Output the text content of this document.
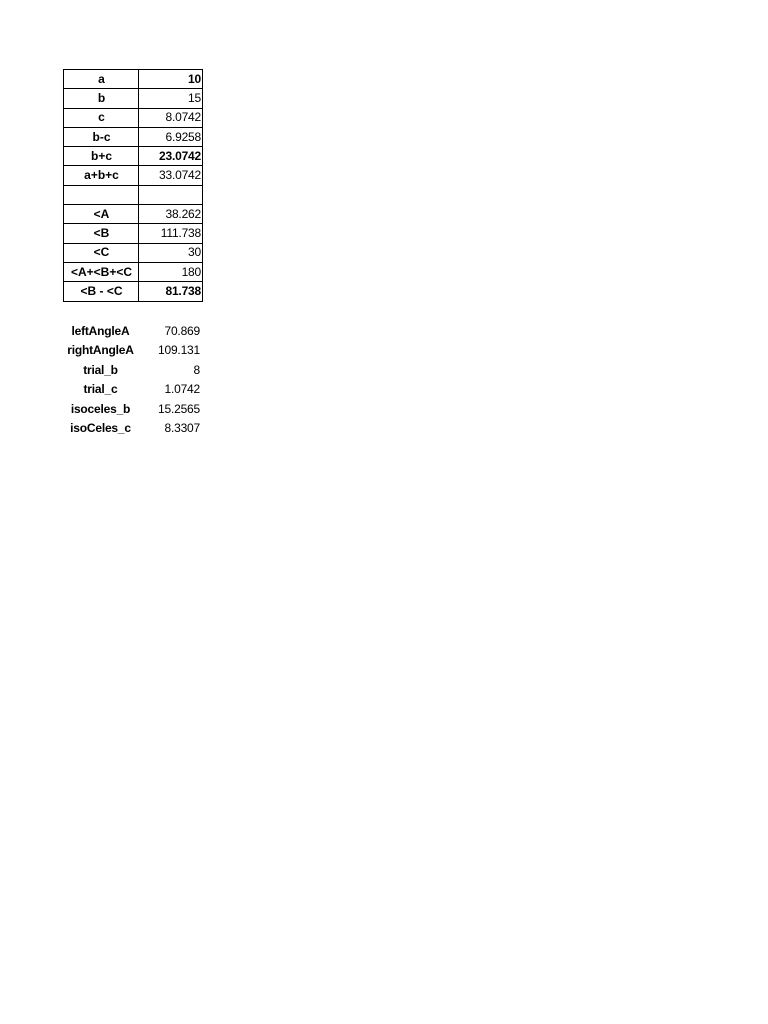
a	10
b	15
c	8.0742
b-c	6.9258
b+c	23.0742
a+b+c	33.0742

<A	38.262
<B	111.738
<C	30
<A+<B+<C	180
<B - <C	81.738
leftAngleA	70.869
rightAngleA	109.131
trial_b	8
trial_c	1.0742
isoceles_b	15.2565
isoCeles_c	8.3307
